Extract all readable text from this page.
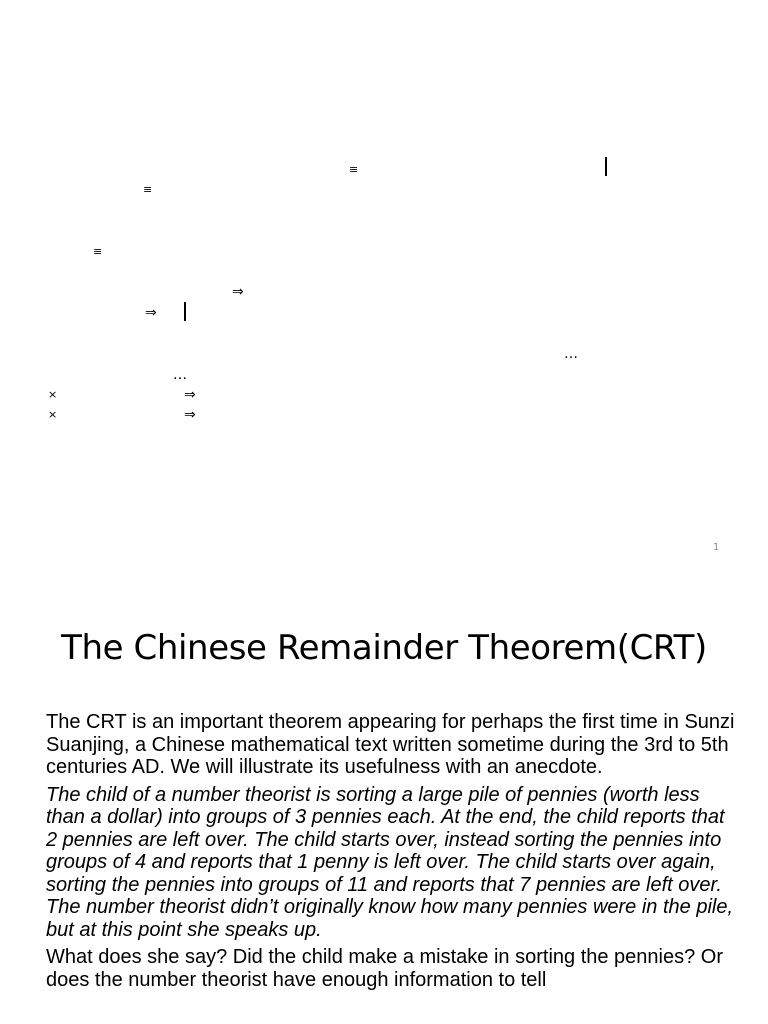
≡
≡
≡
⇒
⇒
…
…
×	⇒
×	⇒
1
The Chinese Remainder Theorem(CRT)

The CRT is an important theorem appearing for perhaps the first time in Sunzi Suanjing, a Chinese mathematical text written sometime during the 3rd to 5th centuries AD. We will illustrate its usefulness with an anecdote.

The child of a number theorist is sorting a large pile of pennies (worth less than a dollar) into groups of 3 pennies each. At the end, the child reports that 2 pennies are left over. The child starts over, instead sorting the pennies into groups of 4 and reports that 1 penny is left over. The child starts over again, sorting the pennies into groups of 11 and reports that 7 pennies are left over. The number theorist didn’t originally know how many pennies were in the pile, but at this point she speaks up.

What does she say? Did the child make a mistake in sorting the pennies? Or does the number theorist have enough information to tell
